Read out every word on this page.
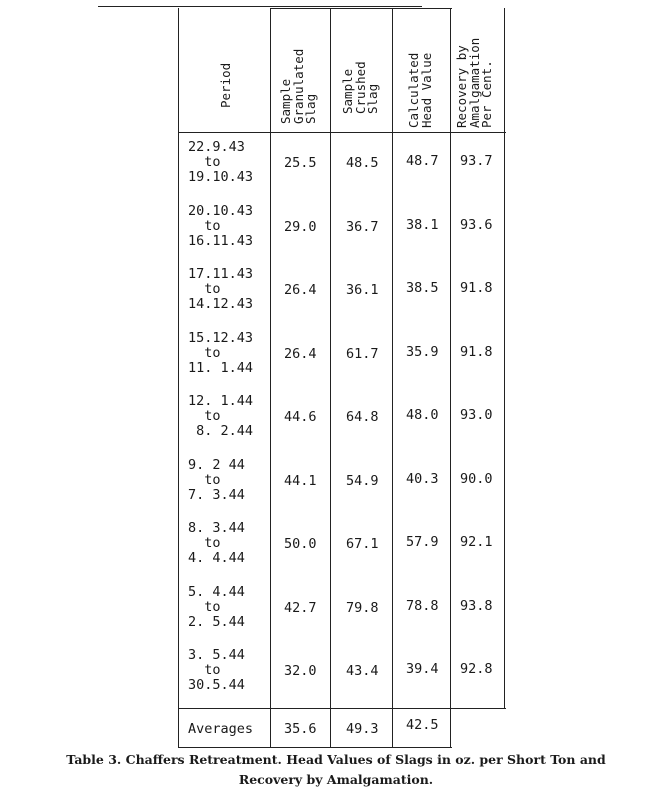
Period	Sample
Granulated
Slag Sample
Crushed
Slag Calculated
Head Value Recovery by
Amalgamation
Per Cent.
22.9.43
to
19.10.43
25.5 48.5 48.7 93.7
20.10.43
to
16.11.43
29.0 36.7 38.1 93.6
17.11.43
to
14.12.43
26.4 36.1 38.5 91.8
15.12.43
to
11. 1.44
26.4 61.7 35.9 91.8
12. 1.44
to
8. 2.44
44.6 64.8 48.0 93.0
9. 2 44
to
7. 3.44
44.1 54.9 40.3 90.0
8. 3.44
to
4. 4.44
50.0 67.1 57.9 92.1
5. 4.44
to
2. 5.44
42.7 79.8 78.8 93.8
3. 5.44
to
30.5.44
32.0 43.4 39.4 92.8
Averages 35.6 49.3 42.5
Table 3. Chaffers Retreatment. Head Values of Slags in oz. per Short Ton and
Recovery by Amalgamation.
